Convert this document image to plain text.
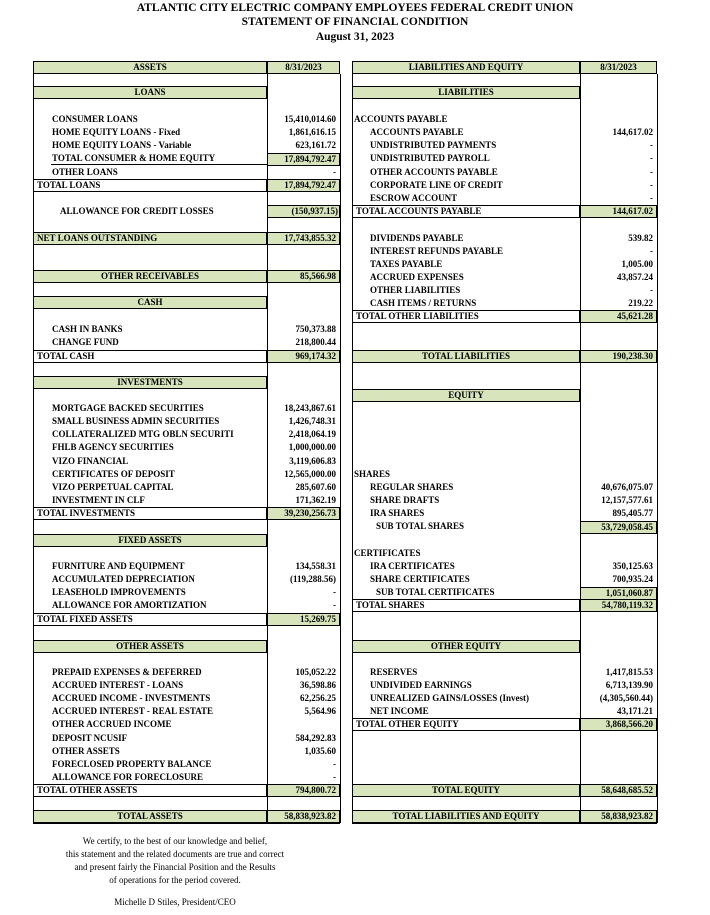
ATLANTIC CITY ELECTRIC COMPANY EMPLOYEES FEDERAL CREDIT UNION
STATEMENT OF FINANCIAL CONDITION
August 31, 2023
ASSETS	8/31/2023	LIABILITIES AND EQUITY	8/31/2023
LOANS
CONSUMER LOANS	15,410,014.60
HOME EQUITY LOANS - Fixed	1,861,616.15
HOME EQUITY LOANS - Variable	623,161.72
TOTAL CONSUMER & HOME EQUITY	17,894,792.47
OTHER LOANS	-
TOTAL LOANS	17,894,792.47
ALLOWANCE FOR CREDIT LOSSES	(150,937.15)
NET LOANS OUTSTANDING	17,743,855.32
OTHER RECEIVABLES	85,566.98
CASH
CASH IN BANKS	750,373.88
CHANGE FUND	218,800.44
TOTAL CASH	969,174.32
INVESTMENTS
MORTGAGE BACKED SECURITIES	18,243,867.61
SMALL BUSINESS ADMIN SECURITIES	1,426,748.31
COLLATERALIZED MTG OBLN SECURITI	2,418,064.19
FHLB AGENCY SECURITIES	1,000,000.00
VIZO FINANCIAL	3,119,606.83
CERTIFICATES OF DEPOSIT	12,565,000.00
VIZO PERPETUAL CAPITAL	285,607.60
INVESTMENT IN CLF	171,362.19
TOTAL INVESTMENTS	39,230,256.73
FIXED ASSETS
FURNITURE AND EQUIPMENT	134,558.31
ACCUMULATED DEPRECIATION	(119,288.56)
LEASEHOLD IMPROVEMENTS	-
ALLOWANCE FOR AMORTIZATION	-
TOTAL FIXED ASSETS	15,269.75
OTHER ASSETS
PREPAID EXPENSES & DEFERRED	105,052.22
ACCRUED INTEREST - LOANS	36,598.86
ACCRUED INCOME - INVESTMENTS	62,256.25
ACCRUED INTEREST - REAL ESTATE	5,564.96
OTHER ACCRUED INCOME
DEPOSIT NCUSIF	584,292.83
OTHER ASSETS	1,035.60
FORECLOSED PROPERTY BALANCE	-
ALLOWANCE FOR FORECLOSURE	-
TOTAL OTHER ASSETS	794,800.72
TOTAL ASSETS	58,838,923.82
LIABILITIES
ACCOUNTS PAYABLE
ACCOUNTS PAYABLE	144,617.02
UNDISTRIBUTED PAYMENTS	-
UNDISTRIBUTED PAYROLL	-
OTHER ACCOUNTS PAYABLE	-
CORPORATE LINE OF CREDIT	-
ESCROW ACCOUNT	-
TOTAL ACCOUNTS PAYABLE	144,617.02
DIVIDENDS PAYABLE	539.82
INTEREST REFUNDS PAYABLE	-
TAXES PAYABLE	1,005.00
ACCRUED EXPENSES	43,857.24
OTHER LIABILITIES	-
CASH ITEMS / RETURNS	219.22
TOTAL OTHER LIABILITIES	45,621.28
TOTAL LIABILITIES	190,238.30
EQUITY
SHARES
REGULAR SHARES	40,676,075.07
SHARE DRAFTS	12,157,577.61
IRA SHARES	895,405.77
SUB TOTAL SHARES	53,729,058.45
CERTIFICATES
IRA CERTIFICATES	350,125.63
SHARE CERTIFICATES	700,935.24
SUB TOTAL CERTIFICATES	1,051,060.87
TOTAL SHARES	54,780,119.32
OTHER EQUITY
RESERVES	1,417,815.53
UNDIVIDED EARNINGS	6,713,139.90
UNREALIZED GAINS/LOSSES (Invest)	(4,305,560.44)
NET INCOME	43,171.21
TOTAL OTHER EQUITY	3,868,566.20
TOTAL EQUITY	58,648,685.52
TOTAL LIABILITIES AND EQUITY	58,838,923.82
We certify, to the best of our knowledge and belief,
this statement and the related documents are true and correct
and present fairly the Financial Position and the Results
of operations for the period covered.
Michelle D Stiles, President/CEO
